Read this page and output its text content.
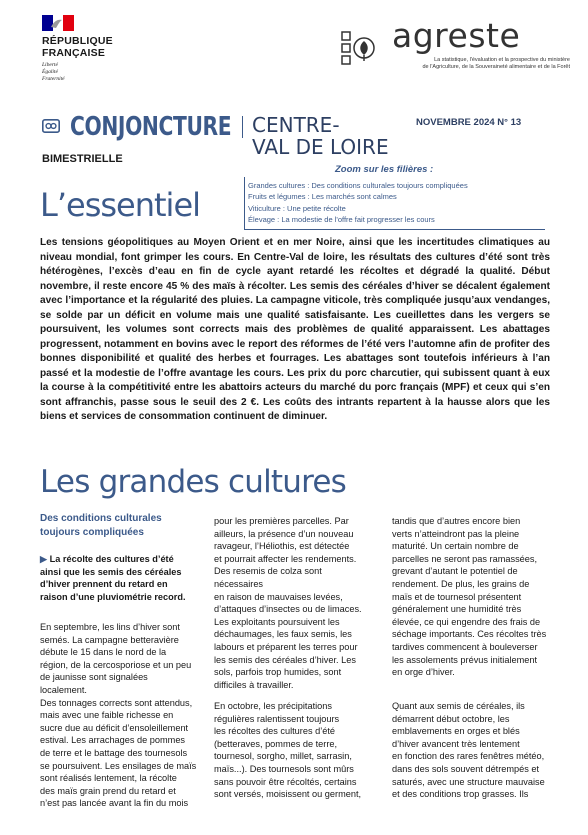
RÉPUBLIQUE
FRANÇAISE
Liberté
Égalité
Fraternité
agreste
La statistique, l'évaluation et la prospective du ministère
de l'Agriculture, de la Souveraineté alimentaire et de la Forêt
CONJONCTURE CENTRE-
VAL DE LOIRE
NOVEMBRE 2024 N° 13
BIMESTRIELLE
Zoom sur les filières :
Grandes cultures : Des conditions culturales toujours compliquées
Fruits et légumes : Les marchés sont calmes
Viticulture : Une petite récolte
Élevage : La modestie de l'offre fait progresser les cours
L’essentiel
Les tensions géopolitiques au Moyen Orient et en mer Noire, ainsi que les incertitudes climatiques au niveau mondial, font grimper les cours. En Centre-Val de loire, les résultats des cultures d’été sont très hétérogènes, l’excès d’eau en fin de cycle ayant retardé les récoltes et dégradé la qualité. Début novembre, il reste encore 45 % des maïs à récolter. Les semis des céréales d’hiver se décalent également avec l’importance et la régularité des pluies. La campagne viticole, très compliquée jusqu’aux vendanges, se solde par un déficit en volume mais une qualité satisfaisante. Les cueillettes dans les vergers se poursuivent, les volumes sont corrects mais des problèmes de qualité apparaissent. Les abattages progressent, notamment en bovins avec le report des réformes de l’été vers l’automne afin de profiter des bonnes disponibilité et qualité des herbes et fourrages. Les abattages sont toutefois inférieurs à l’an passé et la modestie de l’offre avantage les cours. Les prix du porc charcutier, qui subissent quant à eux la course à la compétitivité entre les abattoirs acteurs du marché du porc français (MPF) et ceux qui s’en sont affranchis, passe sous le seuil des 2 €. Les coûts des intrants repartent à la hausse alors que les biens et services de consommation continuent de diminuer.
Les grandes cultures
Des conditions culturales
toujours compliquées
▶ La récolte des cultures d’été ainsi que les semis des céréales d’hiver prennent du retard en raison d’une pluviométrie record.
En septembre, les lins d’hiver sont
semés. La campagne betteravière
débute le 15 dans le nord de la
région, de la cercosporiose et un peu
de jaunisse sont signalées localement.
Des tonnages corrects sont attendus,
mais avec une faible richesse en
sucre due au déficit d’ensoleillement
estival. Les arrachages de pommes
de terre et le battage des tournesols
se poursuivent. Les ensilages de maïs
sont réalisés lentement, la récolte
des maïs grain prend du retard et
n’est pas lancée avant la fin du mois
pour les premières parcelles. Par
ailleurs, la présence d’un nouveau
ravageur, l’Héliothis, est détectée
et pourrait affecter les rendements.
Des resemis de colza sont nécessaires
en raison de mauvaises levées,
d’attaques d’insectes ou de limaces.
Les exploitants poursuivent les
déchaumages, les faux semis, les
labours et préparent les terres pour
les semis des céréales d’hiver. Les
sols, parfois trop humides, sont
difficiles à travailler.
En octobre, les précipitations
régulières ralentissent toujours
les récoltes des cultures d’été
(betteraves, pommes de terre,
tournesol, sorgho, millet, sarrasin,
maïs...). Des tournesols sont mûrs
sans pouvoir être récoltés, certains
sont versés, moisissent ou germent,
tandis que d’autres encore bien
verts n’atteindront pas la pleine
maturité. Un certain nombre de
parcelles ne seront pas ramassées,
grevant d’autant le potentiel de
rendement. De plus, les grains de
maïs et de tournesol présentent
généralement une humidité très
élevée, ce qui engendre des frais de
séchage importants. Ces récoltes très
tardives commencent à bouleverser
les assolements prévus initialement
en orge d’hiver.
Quant aux semis de céréales, ils
démarrent début octobre, les
emblavements en orges et blés
d’hiver avancent très lentement
en fonction des rares fenêtres météo,
dans des sols souvent détrempés et
saturés, avec une structure mauvaise
et des conditions trop grasses. Ils
